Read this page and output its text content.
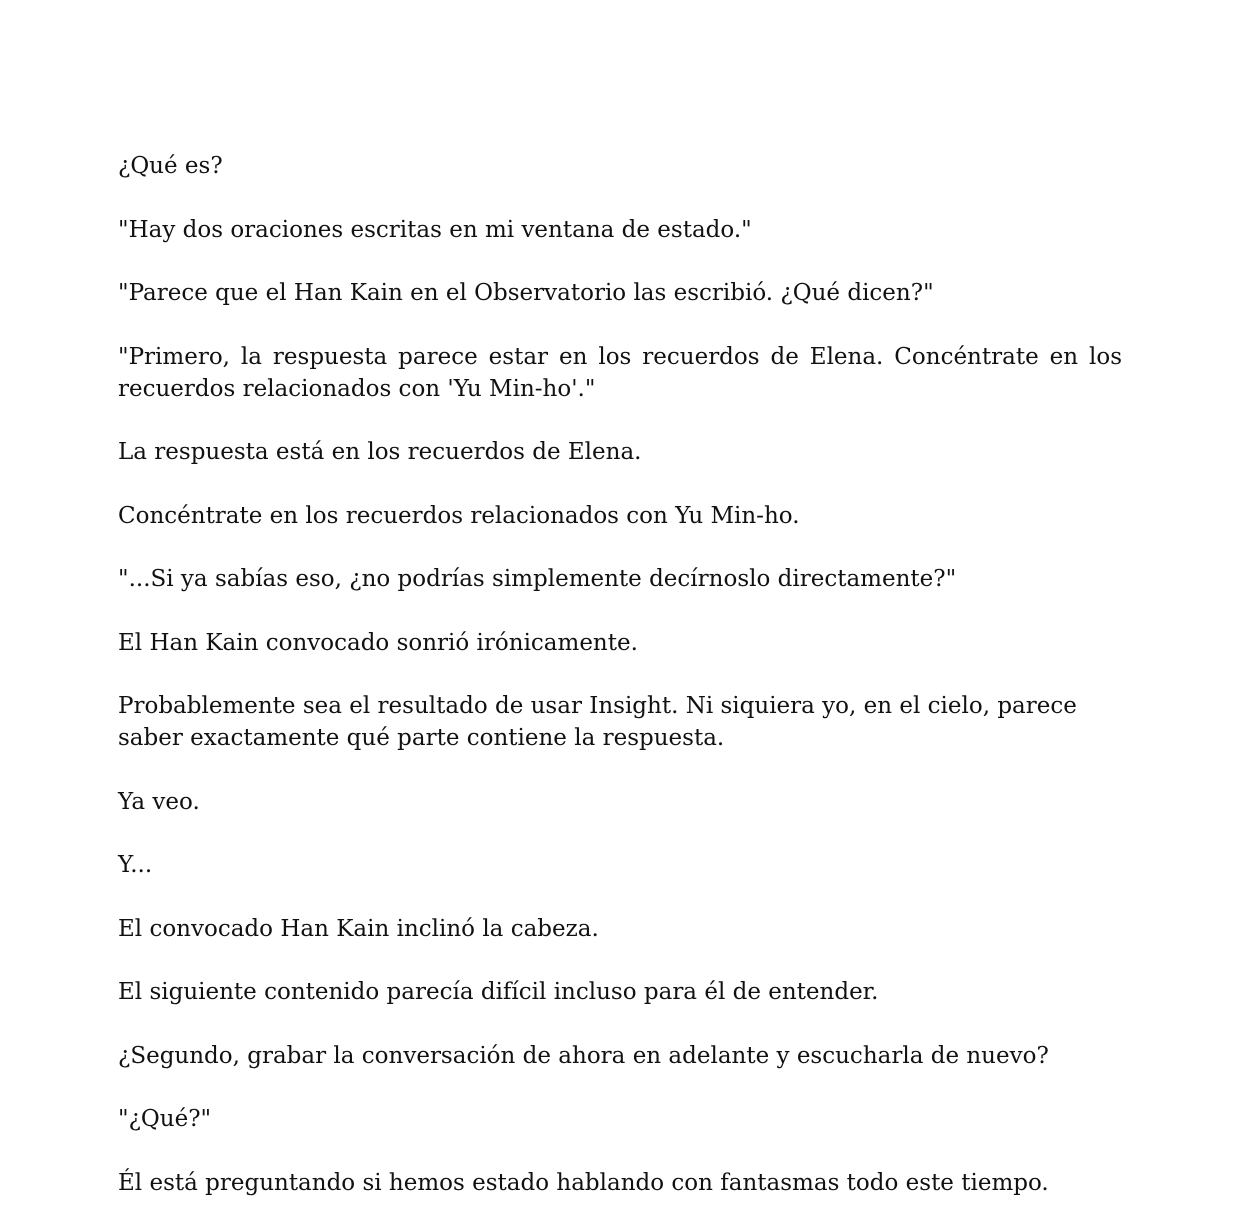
¿Qué es?

"Hay dos oraciones escritas en mi ventana de estado."

"Parece que el Han Kain en el Observatorio las escribió. ¿Qué dicen?"

"Primero, la respuesta parece estar en los recuerdos de Elena. Concéntrate en los recuerdos relacionados con 'Yu Min-ho'."

La respuesta está en los recuerdos de Elena.

Concéntrate en los recuerdos relacionados con Yu Min-ho.

"...Si ya sabías eso, ¿no podrías simplemente decírnoslo directamente?"

El Han Kain convocado sonrió irónicamente.

Probablemente sea el resultado de usar Insight. Ni siquiera yo, en el cielo, parece saber exactamente qué parte contiene la respuesta.

Ya veo.

Y...

El convocado Han Kain inclinó la cabeza.

El siguiente contenido parecía difícil incluso para él de entender.

¿Segundo, grabar la conversación de ahora en adelante y escucharla de nuevo?

"¿Qué?"

Él está preguntando si hemos estado hablando con fantasmas todo este tiempo.
